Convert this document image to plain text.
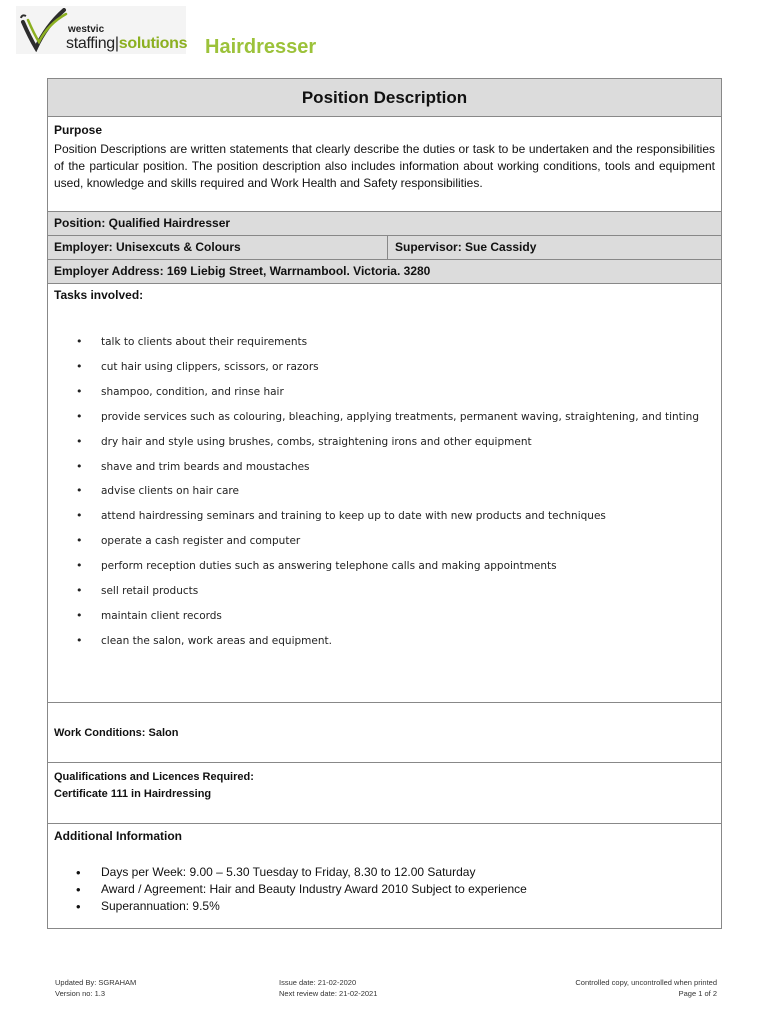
westvic
staffing|solutions Hairdresser
Position Description
Purpose

Position Descriptions are written statements that clearly describe the duties or task to be undertaken and the responsibilities of the particular position. The position description also includes information about working conditions, tools and equipment used, knowledge and skills required and Work Health and Safety responsibilities.

Position: Qualified Hairdresser
Employer: Unisexcuts & Colours	Supervisor: Sue Cassidy
Employer Address: 169 Liebig Street, Warrnambool. Victoria. 3280
Tasks involved:
• talk to clients about their requirements
• cut hair using clippers, scissors, or razors
• shampoo, condition, and rinse hair
• provide services such as colouring, bleaching, applying treatments, permanent waving, straightening, and tinting
• dry hair and style using brushes, combs, straightening irons and other equipment
• shave and trim beards and moustaches
• advise clients on hair care
• attend hairdressing seminars and training to keep up to date with new products and techniques
• operate a cash register and computer
• perform reception duties such as answering telephone calls and making appointments
• sell retail products
• maintain client records
• clean the salon, work areas and equipment.
Work Conditions: Salon
Qualifications and Licences Required:
Certificate 111 in Hairdressing
Additional Information
• Days per Week: 9.00 – 5.30 Tuesday to Friday, 8.30 to 12.00 Saturday
• Award / Agreement: Hair and Beauty Industry Award 2010 Subject to experience
• Superannuation: 9.5%
Updated By: SGRAHAM
Version no: 1.3
Issue date: 21-02-2020
Next review date: 21-02-2021
Controlled copy, uncontrolled when printed
Page 1 of 2
